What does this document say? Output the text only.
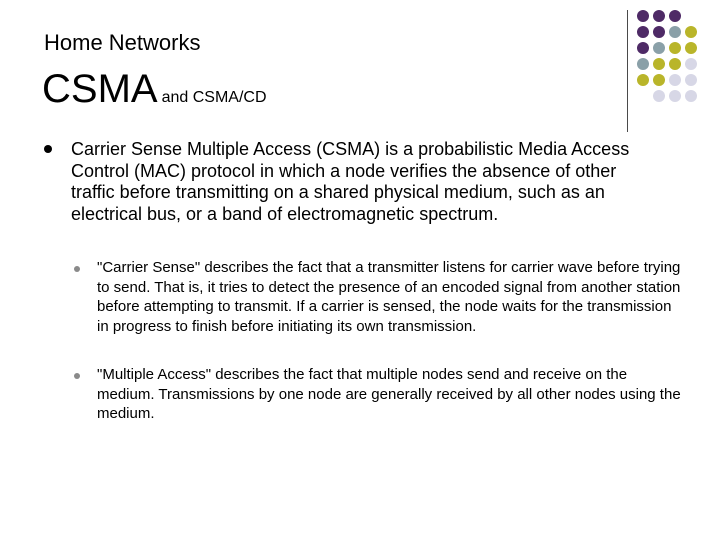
Home Networks
CSMA and CSMA/CD
Carrier Sense Multiple Access (CSMA) is a probabilistic Media Access Control (MAC) protocol in which a node verifies the absence of other traffic before transmitting on a shared physical medium, such as an electrical bus, or a band of electromagnetic spectrum.
"Carrier Sense" describes the fact that a transmitter listens for carrier wave before trying to send. That is, it tries to detect the presence of an encoded signal from another station before attempting to transmit. If a carrier is sensed, the node waits for the transmission in progress to finish before initiating its own transmission.
"Multiple Access" describes the fact that multiple nodes send and receive on the medium. Transmissions by one node are generally received by all other nodes using the medium.
